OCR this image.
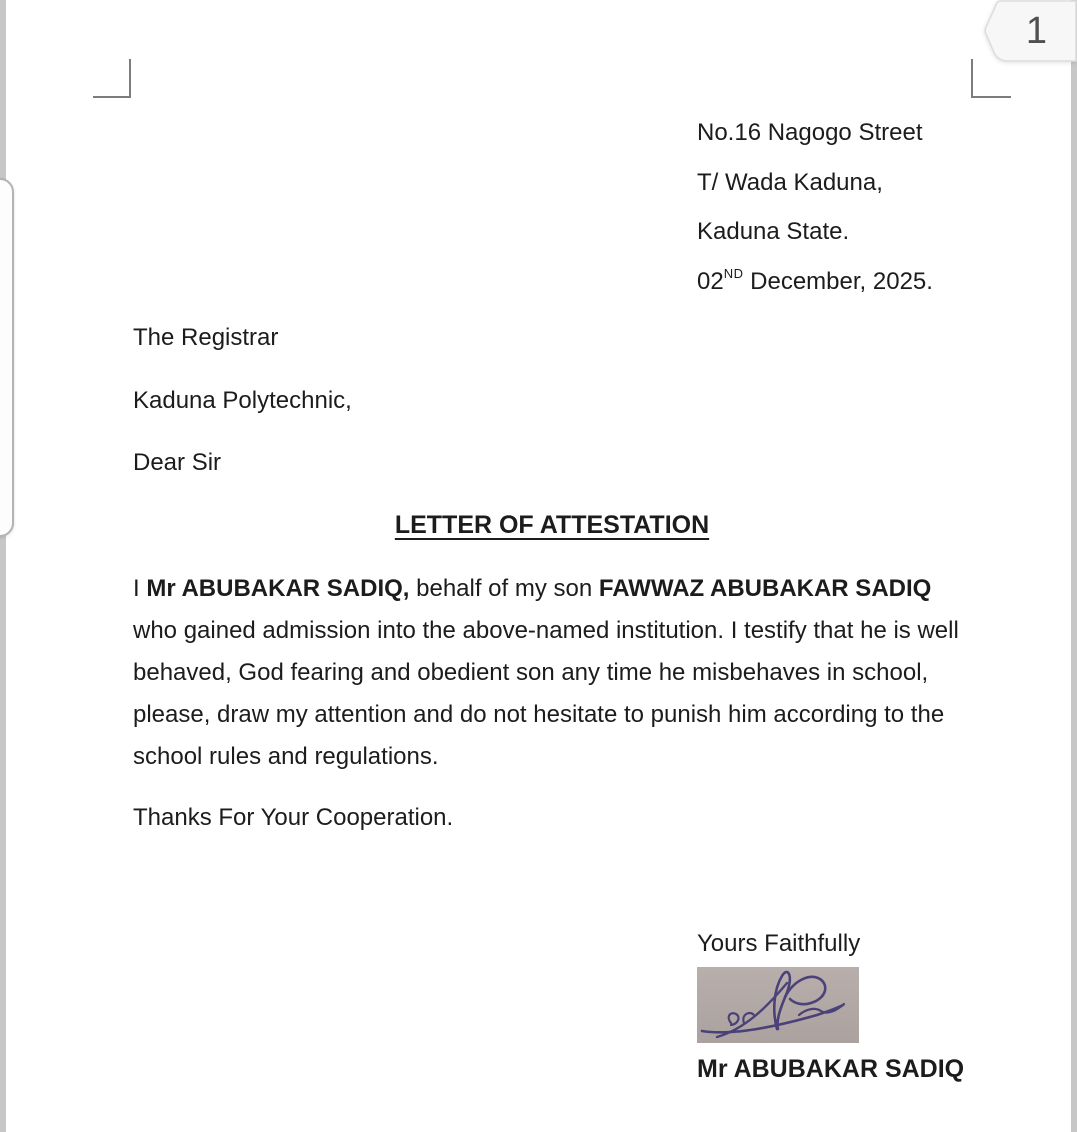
1
No.16 Nagogo Street
T/ Wada Kaduna,
Kaduna State.
02ND December, 2025.
The Registrar
Kaduna Polytechnic,
Dear Sir
LETTER OF ATTESTATION
I Mr ABUBAKAR SADIQ, behalf of my son FAWWAZ ABUBAKAR SADIQ who gained admission into the above-named institution. I testify that he is well behaved, God fearing and obedient son any time he misbehaves in school, please, draw my attention and do not hesitate to punish him according to the school rules and regulations.
Thanks For Your Cooperation.
Yours Faithfully
Mr ABUBAKAR SADIQ
